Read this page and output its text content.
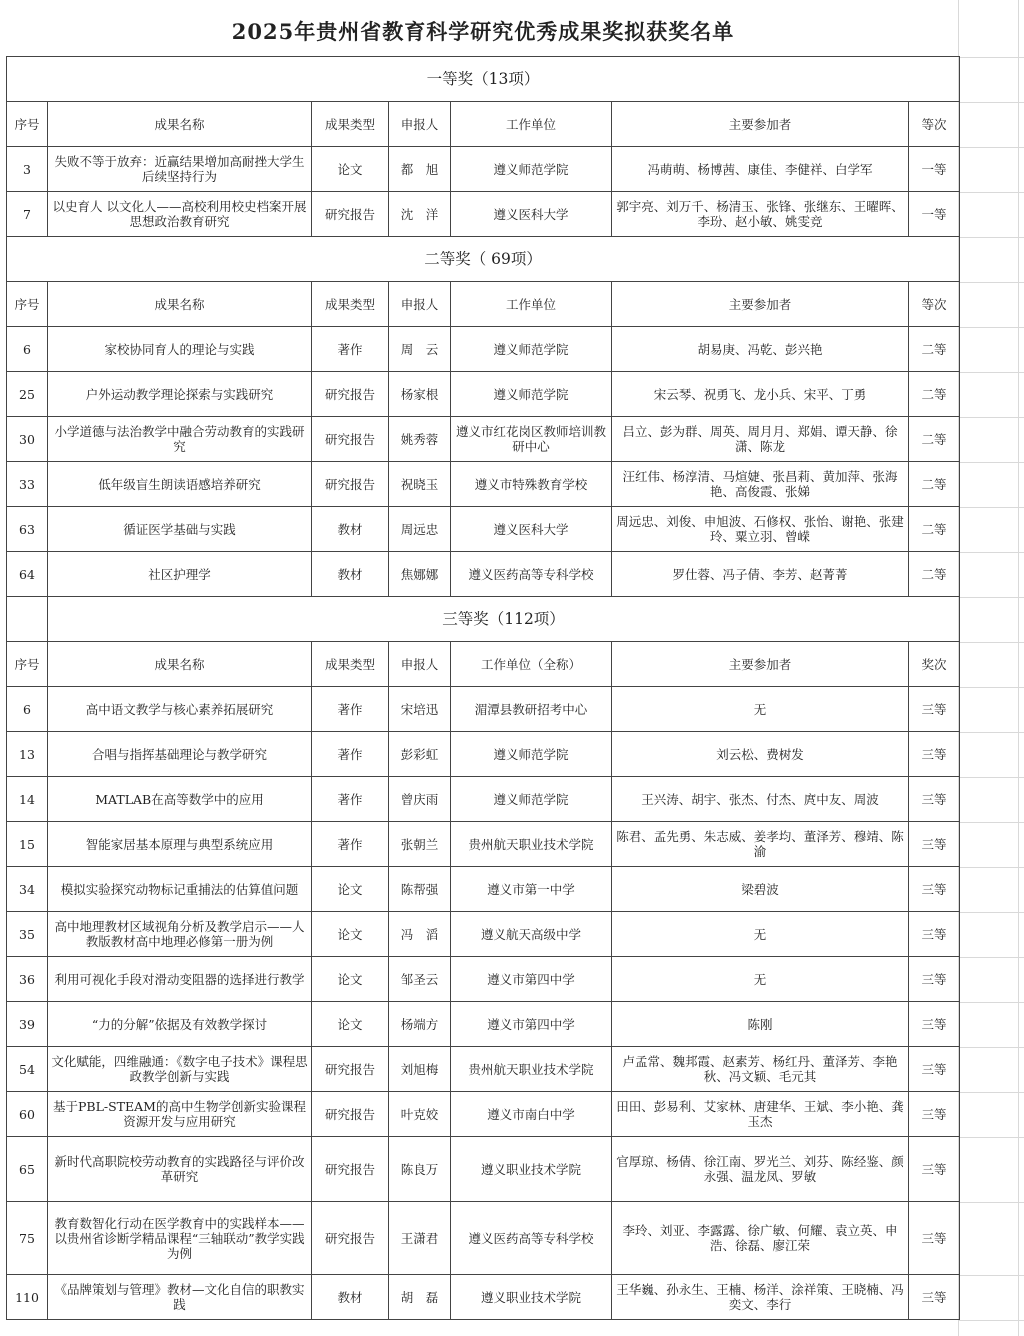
2025年贵州省教育科学研究优秀成果奖拟获奖名单						
一等奖（13项）						
序号	成果名称	成果类型	申报人	工作单位	主要参加者	等次
3	失败不等于放弃：近赢结果增加高耐挫大学生后续坚持行为	论文	都　旭	遵义师范学院	冯萌萌、杨博茜、康佳、李健祥、白学军	一等
7	以史育人 以文化人——高校利用校史档案开展思想政治教育研究	研究报告	沈　洋	遵义医科大学	郭宇亮、刘万千、杨清玉、张锋、张继东、王曜晖、李玢、赵小敏、姚雯竞	一等
二等奖（ 69项）						
序号	成果名称	成果类型	申报人	工作单位	主要参加者	等次
6	家校协同育人的理论与实践	著作	周　云	遵义师范学院	胡易庚、冯乾、彭兴艳	二等
25	户外运动教学理论探索与实践研究	研究报告	杨家根	遵义师范学院	宋云琴、祝勇飞、龙小兵、宋平、丁勇	二等
30	小学道德与法治教学中融合劳动教育的实践研究	研究报告	姚秀蓉	遵义市红花岗区教师培训教研中心	吕立、彭为群、周英、周月月、郑娟、谭天静、徐潇、陈龙	二等
33	低年级盲生朗读语感培养研究	研究报告	祝晓玉	遵义市特殊教育学校	汪红伟、杨淳清、马煊婕、张昌莉、黄加萍、张海艳、高俊霞、张娣	二等
63	循证医学基础与实践	教材	周远忠	遵义医科大学	周远忠、刘俊、申旭波、石修权、张怡、谢艳、张建玲、粟立羽、曾嵘	二等
64	社区护理学	教材	焦娜娜	遵义医药高等专科学校	罗仕蓉、冯子倩、李芳、赵菁菁	二等
	三等奖（112项）					
序号	成果名称	成果类型	申报人	工作单位（全称）	主要参加者	奖次
6	高中语文教学与核心素养拓展研究	著作	宋培迅	湄潭县教研招考中心	无	三等
13	合唱与指挥基础理论与教学研究	著作	彭彩虹	遵义师范学院	刘云松、费树发	三等
14	MATLAB在高等数学中的应用	著作	曾庆雨	遵义师范学院	王兴涛、胡宇、张杰、付杰、庹中友、周波	三等
15	智能家居基本原理与典型系统应用	著作	张朝兰	贵州航天职业技术学院	陈君、孟先勇、朱志威、姜孝均、董泽芳、穆靖、陈渝	三等
34	模拟实验探究动物标记重捕法的估算值问题	论文	陈帮强	遵义市第一中学	梁碧波	三等
35	高中地理教材区域视角分析及教学启示——人教版教材高中地理必修第一册为例	论文	冯　滔	遵义航天高级中学	无	三等
36	利用可视化手段对滑动变阻器的选择进行教学	论文	邹圣云	遵义市第四中学	无	三等
39	“力的分解”依据及有效教学探讨	论文	杨端方	遵义市第四中学	陈刚	三等
54	文化赋能，四维融通：《数字电子技术》课程思政教学创新与实践	研究报告	刘旭梅	贵州航天职业技术学院	卢孟常、魏邦霞、赵素芳、杨红丹、董泽芳、李艳秋、冯文颖、毛元其	三等
60	基于PBL-STEAM的高中生物学创新实验课程资源开发与应用研究	研究报告	叶克姣	遵义市南白中学	田田、彭易利、艾家林、唐建华、王斌、李小艳、龚玉杰	三等
65	新时代高职院校劳动教育的实践路径与评价改革研究	研究报告	陈良万	遵义职业技术学院	官厚琼、杨倩、徐江南、罗光兰、刘芬、陈经鉴、颜永强、温龙凤、罗敏	三等
75	教育数智化行动在医学教育中的实践样本——以贵州省诊断学精品课程“三轴联动”教学实践为例	研究报告	王潇君	遵义医药高等专科学校	李玲、刘亚、李露露、徐广敏、何耀、袁立英、申浩、徐磊、廖江荣	三等
110	《品牌策划与管理》教材—文化自信的职教实践	教材	胡　磊	遵义职业技术学院	王华巍、孙永生、王楠、杨洋、涂祥策、王晓楠、冯奕文、李行	三等
